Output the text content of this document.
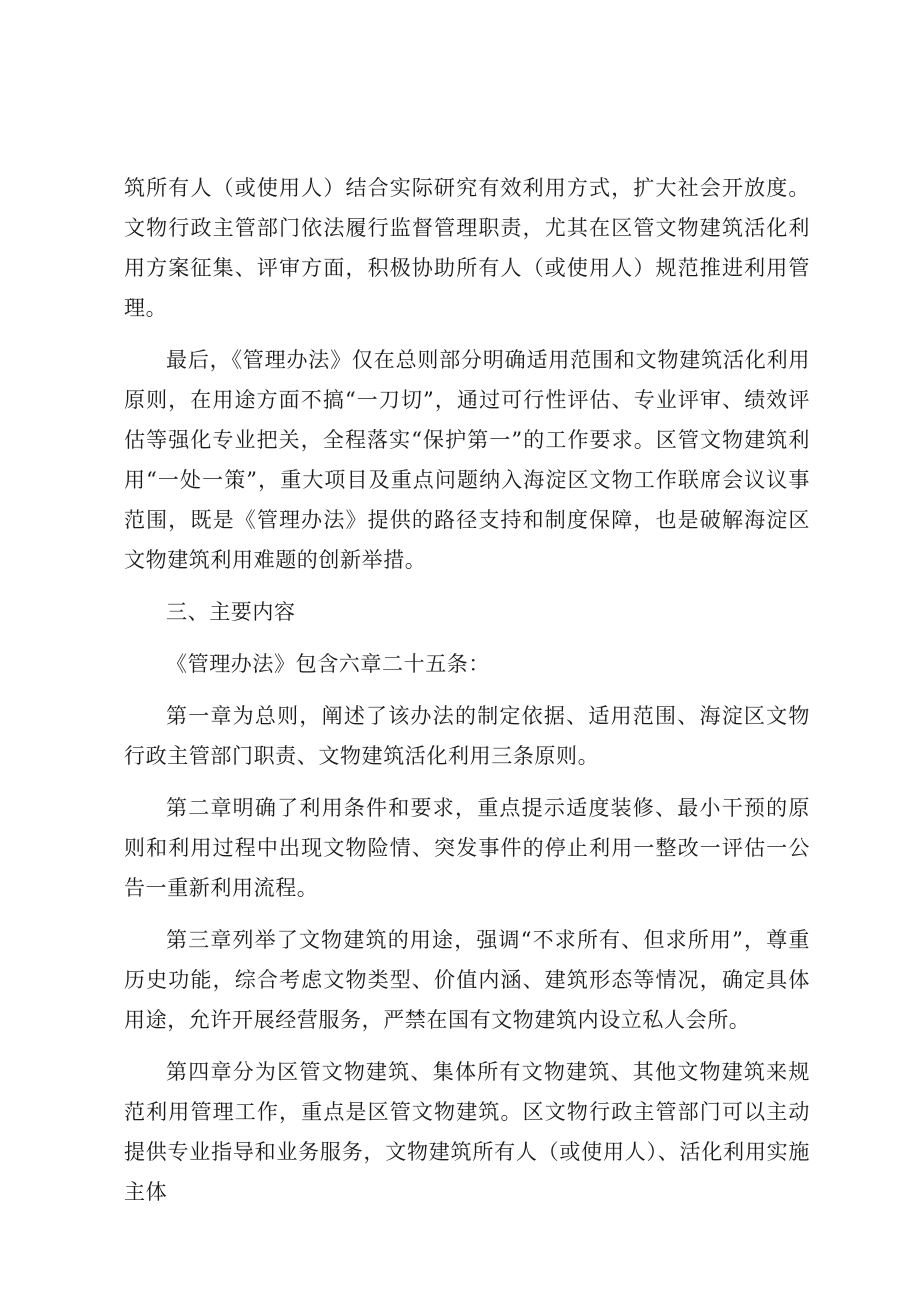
筑所有人（或使用人）结合实际研究有效利用方式，扩大社会开放度。文物行政主管部门依法履行监督管理职责，尤其在区管文物建筑活化利用方案征集、评审方面，积极协助所有人（或使用人）规范推进利用管理。

最后，《管理办法》仅在总则部分明确适用范围和文物建筑活化利用原则，在用途方面不搞“一刀切”，通过可行性评估、专业评审、绩效评估等强化专业把关，全程落实“保护第一”的工作要求。区管文物建筑利用“一处一策”，重大项目及重点问题纳入海淀区文物工作联席会议议事范围，既是《管理办法》提供的路径支持和制度保障，也是破解海淀区文物建筑利用难题的创新举措。

三、主要内容

《管理办法》包含六章二十五条：

第一章为总则，阐述了该办法的制定依据、适用范围、海淀区文物行政主管部门职责、文物建筑活化利用三条原则。

第二章明确了利用条件和要求，重点提示适度装修、最小干预的原则和利用过程中出现文物险情、突发事件的停止利用一整改一评估一公告一重新利用流程。

第三章列举了文物建筑的用途，强调“不求所有、但求所用”，尊重历史功能，综合考虑文物类型、价值内涵、建筑形态等情况，确定具体用途，允许开展经营服务，严禁在国有文物建筑内设立私人会所。

第四章分为区管文物建筑、集体所有文物建筑、其他文物建筑来规范利用管理工作，重点是区管文物建筑。区文物行政主管部门可以主动提供专业指导和业务服务，文物建筑所有人（或使用人）、活化利用实施主体
